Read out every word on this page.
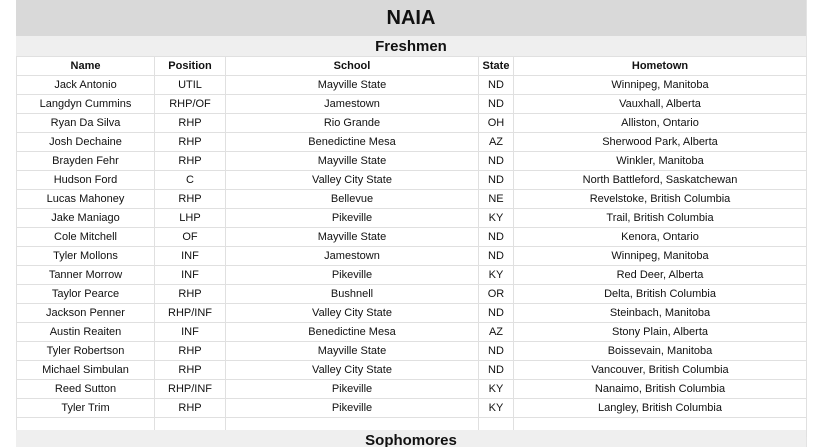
NAIA
Freshmen
Name	Position	School	State	Hometown
Jack Antonio	UTIL	Mayville State	ND	Winnipeg, Manitoba
Langdyn Cummins	RHP/OF	Jamestown	ND	Vauxhall, Alberta
Ryan Da Silva	RHP	Rio Grande	OH	Alliston, Ontario
Josh Dechaine	RHP	Benedictine Mesa	AZ	Sherwood Park, Alberta
Brayden Fehr	RHP	Mayville State	ND	Winkler, Manitoba
Hudson Ford	C	Valley City State	ND	North Battleford, Saskatchewan
Lucas Mahoney	RHP	Bellevue	NE	Revelstoke, British Columbia
Jake Maniago	LHP	Pikeville	KY	Trail, British Columbia
Cole Mitchell	OF	Mayville State	ND	Kenora, Ontario
Tyler Mollons	INF	Jamestown	ND	Winnipeg, Manitoba
Tanner Morrow	INF	Pikeville	KY	Red Deer, Alberta
Taylor Pearce	RHP	Bushnell	OR	Delta, British Columbia
Jackson Penner	RHP/INF	Valley City State	ND	Steinbach, Manitoba
Austin Reaiten	INF	Benedictine Mesa	AZ	Stony Plain, Alberta
Tyler Robertson	RHP	Mayville State	ND	Boissevain, Manitoba
Michael Simbulan	RHP	Valley City State	ND	Vancouver, British Columbia
Reed Sutton	RHP/INF	Pikeville	KY	Nanaimo, British Columbia
Tyler Trim	RHP	Pikeville	KY	Langley, British Columbia

Sophomores
